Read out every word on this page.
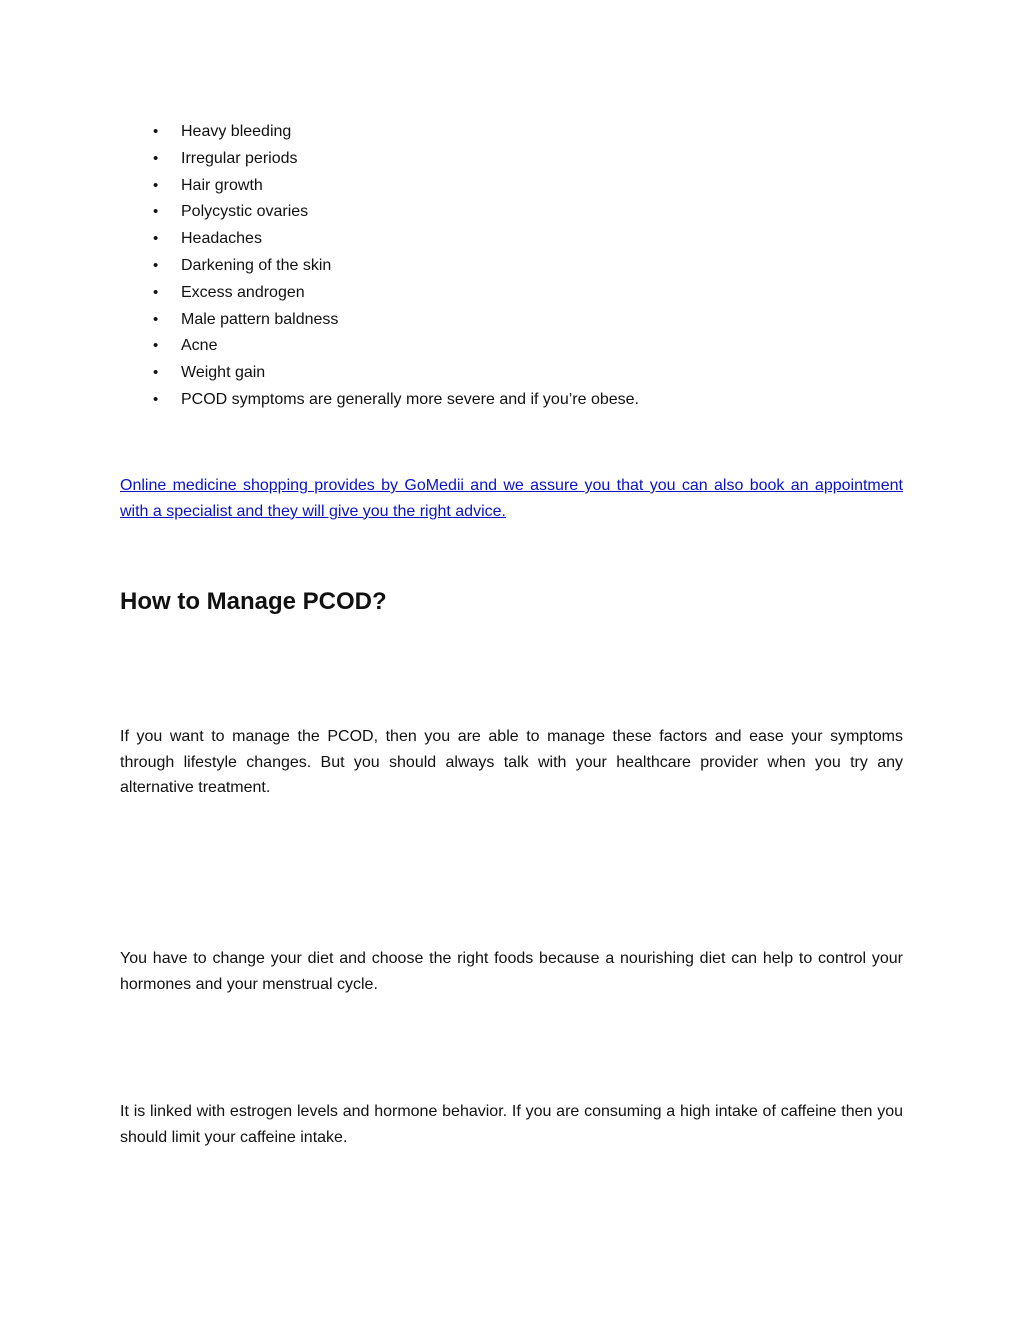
• Heavy bleeding
• Irregular periods
• Hair growth
• Polycystic ovaries
• Headaches
• Darkening of the skin
• Excess androgen
• Male pattern baldness
• Acne
• Weight gain
• PCOD symptoms are generally more severe and if you’re obese.
Online medicine shopping provides by GoMedii and we assure you that you can also book an appointment with a specialist and they will give you the right advice.
How to Manage PCOD?

If you want to manage the PCOD, then you are able to manage these factors and ease your symptoms through lifestyle changes. But you should always talk with your healthcare provider when you try any alternative treatment.

You have to change your diet and choose the right foods because a nourishing diet can help to control your hormones and your menstrual cycle.

It is linked with estrogen levels and hormone behavior. If you are consuming a high intake of caffeine then you should limit your caffeine intake.
